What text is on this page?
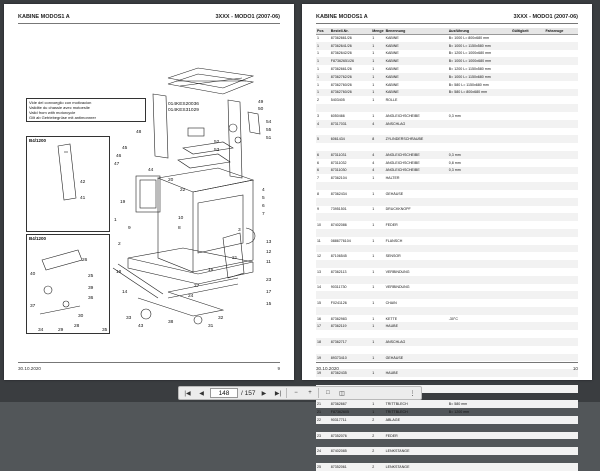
KABINE MODOS1 A	3XXX - MODO1 (2007-06)
Vide del convoeglio con motivacion
Vaildite du chassie avec motoeslie
Valid from with motorcycle
Gilt ab Getriebegrüse mit antimonnrer
014KES20036
014KES31029
B4/1200
B4/1200
49
50
54
55
51
48
45
46
47
52
53
44
42
41
20
22
19
4
5
6
7
1	10
9	8	3
2	13
12
11
21
23
16
17
15
14
18
27
24
26
25
40
39
36
37
38
43
33
31
32
30
28
29
34	35
30.10.2020	9
KABINE MODOS1 A	3XXX - MODO1 (2007-06)
Pos	Bestell-Nr.	Menge	Benennung	Ausführung	Gültigkeit	Fahrzeuge
1	87362661/26	1	KABINE	B= 1000 L= 800x680 mm		
1	87362641/26	1	KABINE	B= 1000 L= 1150x580 mm		
1	87362642/26	1	KABINE	B= 1200 L= 1000x680 mm		
1	F87362651/26	1	KABINE	B= 1000 L= 1000x680 mm		
1	87362661/26	1	KABINE	B= 1200 L= 1150x580 mm		
1	87362762/26	1	KABINE	B= 1000 L= 1150x680 mm		
1	87362760/26	1	KABINE	B= 580 L= 1150x680 mm		
1	87362760/26	1	KABINE	B= 580 L= 800x680 mm		
2	5403405	1	ROLLE			

3	6050466	1	ANGLEICHSCHEIBE	0,3 mm		
4	87317031	4	ANSCHLAG			

5	6061434	8	ZYLINDERSCHRAUBE			

6	87311031	4	ANGLEICHSCHEIBE	0,3 mm		
6	87311032	4	ANGLEICHSCHEIBE	0,8 mm		
6	87311030	4	ANGLEICHSCHEIBE	0,3 mm		
7	87362104	1	HALTER			

8	87362434	1	GEHÄUSE			

9	73951501	1	DRUCKKNOPF			

10	87402086	1	FEDER			

11	0886776104	1	FLANSCH			

12	87106545	1	SENSOR			

13	87362113	1	VERBINDUNG			

14	90311730	1	VERBINDUNG			

15	F0241126	1	CHAIN			

16	87362983	1	KETTE	-30°C		
17	87362119	1	HAUBE			

18	87362717	1	ANSCHLAG			

19	89373410	1	GEHÄUSE			

19	87362435	1	HAUBE			

21	87362667	1	TRITTBLECH	B= 580 mm		
21	F87362605	1	TRITTBLECH	B= 1200 mm		
22	90317711	2	ABLAGE			

23	87352076	2	FEDER			

24	87402085	2	LENKSTANGE			

25	87352061	2	LENKSTANGE			
30.10.2020	10
|◀	◀	148	/ 157	▶	▶|	−	+	□	◫	⋮
